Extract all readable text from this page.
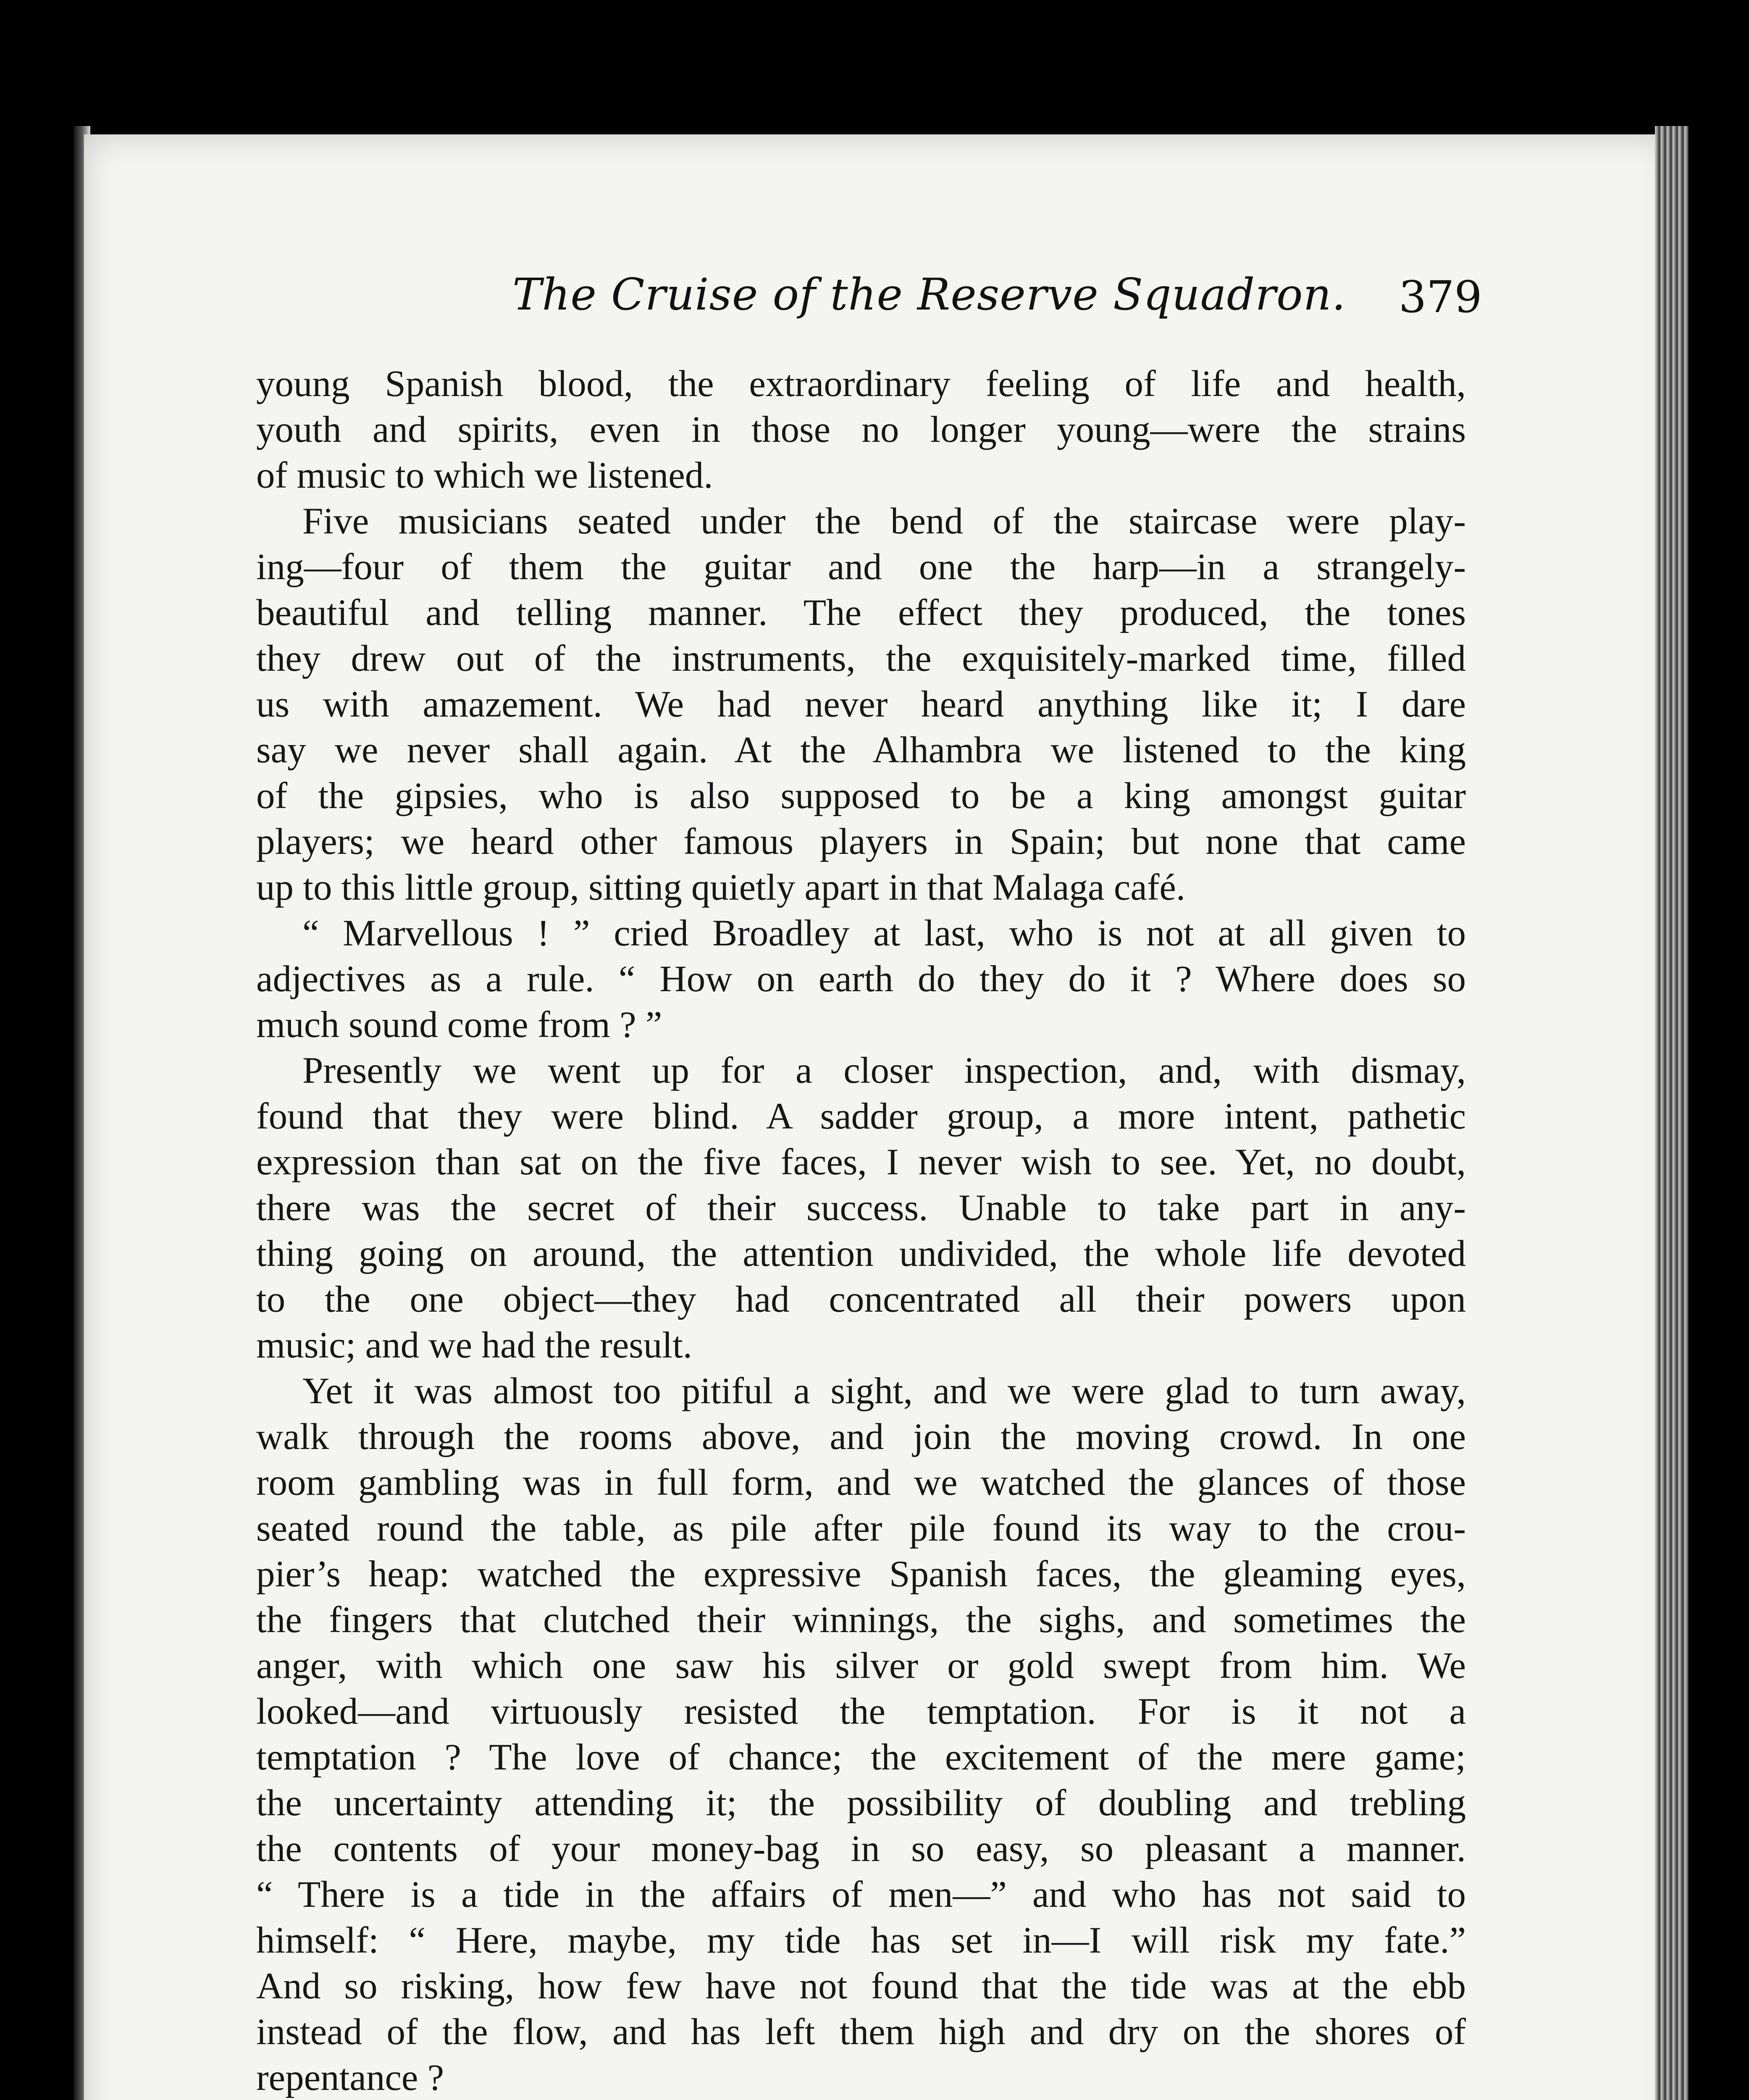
The Cruise of the Reserve Squadron.	379
young Spanish blood, the extraordinary feeling of life and health,
youth and spirits, even in those no longer young—were the strains
of music to which we listened.
Five musicians seated under the bend of the staircase were play-
ing—four of them the guitar and one the harp—in a strangely-
beautiful and telling manner. The effect they produced, the tones
they drew out of the instruments, the exquisitely-marked time, filled
us with amazement. We had never heard anything like it; I dare
say we never shall again. At the Alhambra we listened to the king
of the gipsies, who is also supposed to be a king amongst guitar
players; we heard other famous players in Spain; but none that came
up to this little group, sitting quietly apart in that Malaga café.
“ Marvellous ! ” cried Broadley at last, who is not at all given to
adjectives as a rule. “ How on earth do they do it ? Where does so
much sound come from ? ”
Presently we went up for a closer inspection, and, with dismay,
found that they were blind. A sadder group, a more intent, pathetic
expression than sat on the five faces, I never wish to see. Yet, no doubt,
there was the secret of their success. Unable to take part in any-
thing going on around, the attention undivided, the whole life devoted
to the one object—they had concentrated all their powers upon
music; and we had the result.
Yet it was almost too pitiful a sight, and we were glad to turn away,
walk through the rooms above, and join the moving crowd. In one
room gambling was in full form, and we watched the glances of those
seated round the table, as pile after pile found its way to the crou-
pier’s heap: watched the expressive Spanish faces, the gleaming eyes,
the fingers that clutched their winnings, the sighs, and sometimes the
anger, with which one saw his silver or gold swept from him. We
looked—and virtuously resisted the temptation. For is it not a
temptation ? The love of chance; the excitement of the mere game;
the uncertainty attending it; the possibility of doubling and trebling
the contents of your money-bag in so easy, so pleasant a manner.
“ There is a tide in the affairs of men—” and who has not said to
himself: “ Here, maybe, my tide has set in—I will risk my fate.”
And so risking, how few have not found that the tide was at the ebb
instead of the flow, and has left them high and dry on the shores of
repentance ?
